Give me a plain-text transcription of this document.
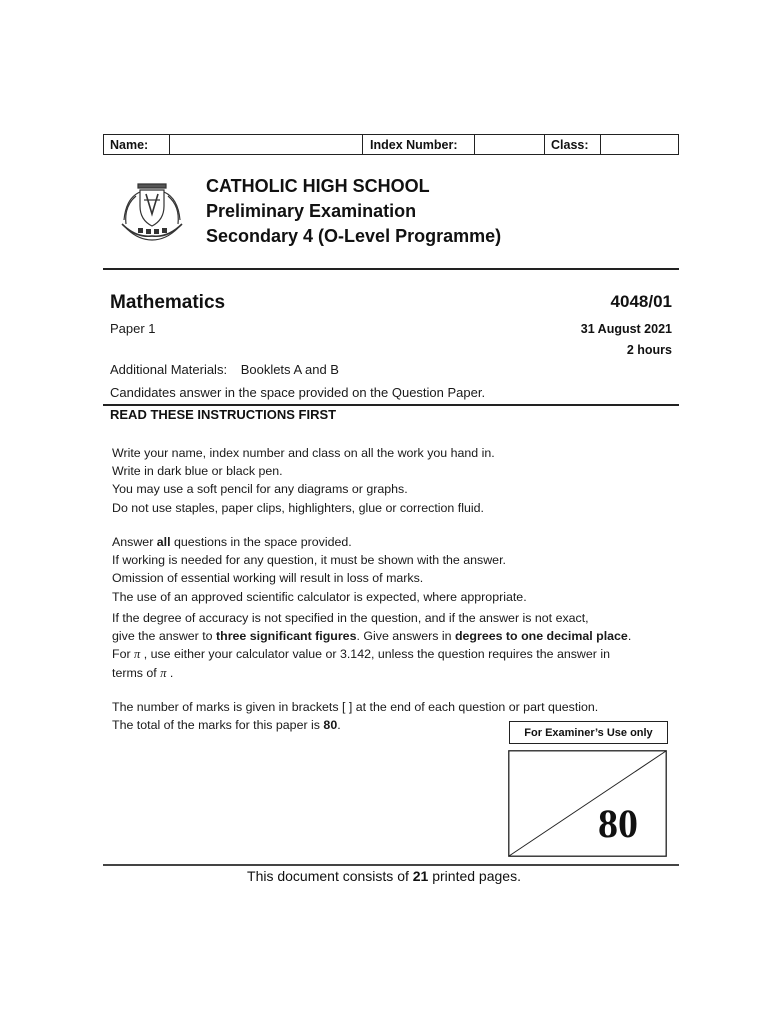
Name:	Index Number:	Class:
CATHOLIC HIGH SCHOOL
Preliminary Examination
Secondary 4 (O-Level Programme)
Mathematics	4048/01
Paper 1	31 August 2021
2 hours
Additional Materials: Booklets A and B
Candidates answer in the space provided on the Question Paper.
READ THESE INSTRUCTIONS FIRST
Write your name, index number and class on all the work you hand in.
Write in dark blue or black pen.
You may use a soft pencil for any diagrams or graphs.
Do not use staples, paper clips, highlighters, glue or correction fluid.
Answer all questions in the space provided.
If working is needed for any question, it must be shown with the answer.
Omission of essential working will result in loss of marks.
The use of an approved scientific calculator is expected, where appropriate.
If the degree of accuracy is not specified in the question, and if the answer is not exact,
give the answer to three significant figures. Give answers in degrees to one decimal place.
For π , use either your calculator value or 3.142, unless the question requires the answer in
terms of π .
The number of marks is given in brackets [ ] at the end of each question or part question.
The total of the marks for this paper is 80.
For Examiner’s Use only
80
This document consists of 21 printed pages.
